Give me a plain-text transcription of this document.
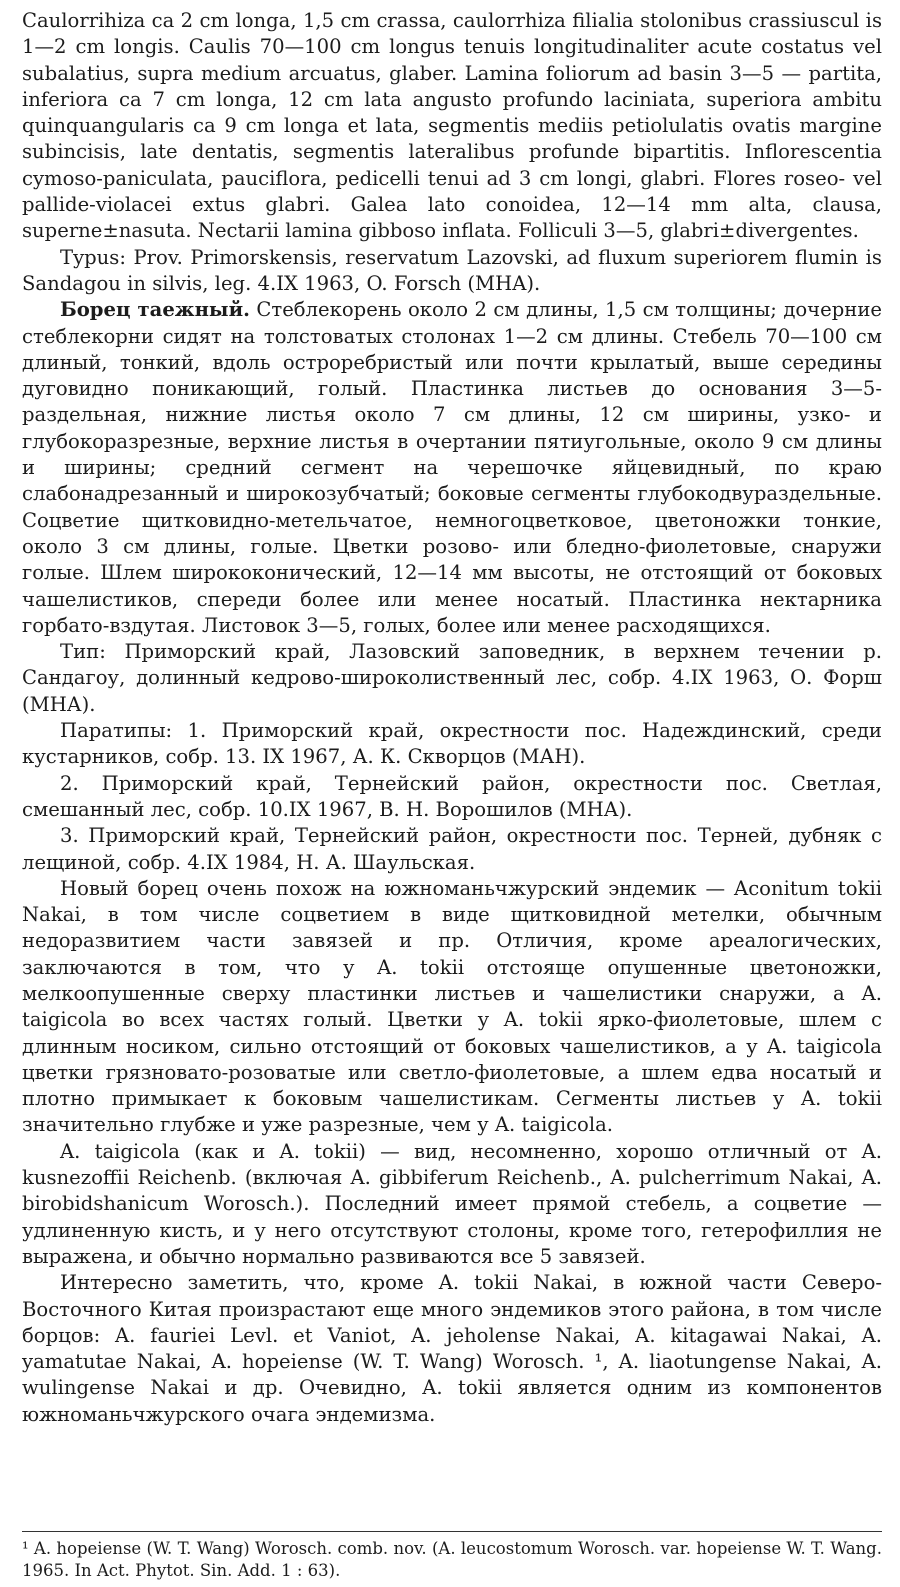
Caulorrihiza ca 2 cm longa, 1,5 cm crassa, caulorrhiza filialia stolonibus crassiuscul is 1—2 cm longis. Caulis 70—100 cm longus tenuis longitudinaliter acute costatus vel subalatius, supra medium arcuatus, glaber. Lamina foliorum ad basin 3—5 — partita, inferiora ca 7 cm longa, 12 cm lata angusto profundo laciniata, superiora ambitu quinquangularis ca 9 cm longa et lata, segmentis mediis petiolulatis ovatis margine subincisis, late dentatis, segmentis lateralibus profunde bipartitis. Inflorescentia cymoso-paniculata, pauciflora, pedicelli tenui ad 3 cm longi, glabri. Flores roseo- vel pallide-violacei extus glabri. Galea lato conoidea, 12—14 mm alta, clausa, superne±nasuta. Nectarii lamina gibboso inflata. Folliculi 3—5, glabri±divergentes.

Typus: Prov. Primorskensis, reservatum Lazovski, ad fluxum superiorem flumin is Sandagou in silvis, leg. 4.IX 1963, O. Forsch (MHA).

Борец таежный. Стеблекорень около 2 см длины, 1,5 см толщины; дочерние стеблекорни сидят на толстоватых столонах 1—2 см длины. Стебель 70—100 см длиный, тонкий, вдоль остроребристый или почти крылатый, выше середины дуговидно поникающий, голый. Пластинка листьев до основания 3—5-раздельная, нижние листья около 7 см длины, 12 см ширины, узко- и глубокоразрезные, верхние листья в очертании пятиугольные, около 9 см длины и ширины; средний сегмент на черешочке яйцевидный, по краю слабонадрезанный и широкозубчатый; боковые сегменты глубокодвураздельные. Соцветие щитковидно-метельчатое, немногоцветковое, цветоножки тонкие, около 3 см длины, голые. Цветки розово- или бледно-фиолетовые, снаружи голые. Шлем ширококонический, 12—14 мм высоты, не отстоящий от боковых чашелистиков, спереди более или менее носатый. Пластинка нектарника горбато-вздутая. Листовок 3—5, голых, более или менее расходящихся.

Тип: Приморский край, Лазовский заповедник, в верхнем течении р. Сандагоу, долинный кедрово-широколиственный лес, собр. 4.IX 1963, О. Форш (МНА).

Паратипы: 1. Приморский край, окрестности пос. Надеждинский, среди кустарников, собр. 13. IX 1967, А. К. Скворцов (МАН).

2. Приморский край, Тернейский район, окрестности пос. Светлая, смешанный лес, собр. 10.IX 1967, В. Н. Ворошилов (МНА).

3. Приморский край, Тернейский район, окрестности пос. Терней, дубняк с лещиной, собр. 4.IX 1984, Н. А. Шаульская.

Новый борец очень похож на южноманьчжурский эндемик — Aconitum tokii Nakai, в том числе соцветием в виде щитковидной метелки, обычным недоразвитием части завязей и пр. Отличия, кроме ареалогических, заключаются в том, что у A. tokii отстояще опушенные цветоножки, мелкоопушенные сверху пластинки листьев и чашелистики снаружи, а A. taigicola во всех частях голый. Цветки у A. tokii ярко-фиолетовые, шлем с длинным носиком, сильно отстоящий от боковых чашелистиков, а у A. taigicola цветки грязновато-розоватые или светло-фиолетовые, а шлем едва носатый и плотно примыкает к боковым чашелистикам. Сегменты листьев у A. tokii значительно глубже и уже разрезные, чем у A. taigicola.

A. taigicola (как и A. tokii) — вид, несомненно, хорошо отличный от A. kusnezoffii Reichenb. (включая A. gibbiferum Reichenb., A. pulcherrimum Nakai, A. birobidshanicum Worosch.). Последний имеет прямой стебель, а соцветие — удлиненную кисть, и у него отсутствуют столоны, кроме того, гетерофиллия не выражена, и обычно нормально развиваются все 5 завязей.

Интересно заметить, что, кроме A. tokii Nakai, в южной части Северо-Восточного Китая произрастают еще много эндемиков этого района, в том числе борцов: A. fauriei Levl. et Vaniot, A. jeholense Nakai, A. kitagawai Nakai, A. yamatutae Nakai, A. hopeiense (W. T. Wang) Worosch. ¹, A. liaotungense Nakai, A. wulingense Nakai и др. Очевидно, A. tokii является одним из компонентов южноманьчжурского очага эндемизма.

¹ A. hopeiense (W. T. Wang) Worosch. comb. nov. (A. leucostomum Worosch. var. hopeiense W. T. Wang. 1965. In Act. Phytot. Sin. Add. 1 : 63).
